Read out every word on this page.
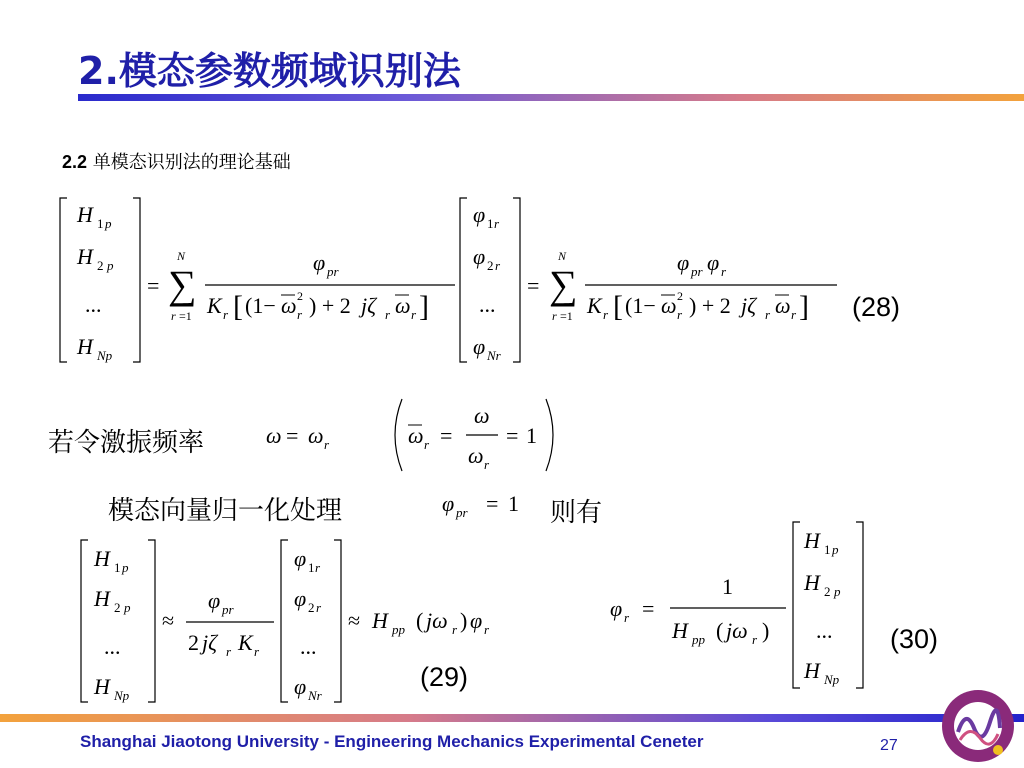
2.模态参数频域识别法
2.2 单模态识别法的理论基础
H 1 p
H 2 p
...
H Np
= ∑
N
r =1
φ pr
K r [ (1− ω 2
r ) + 2 jζ r ω r ]
φ 1 r
φ 2 r
...
φ Nr
= ∑
N
r =1
φ pr φ r
K r [ (1− ω 2
r ) + 2 jζ r ω r ] (28)
若令激振频率	ω = ω r	ω r =
ω
ω r
= 1
模态向量归一化处理	φ pr = 1 则有
H 1 p
H 2 p
...
H Np
≈
φ pr
2 jζ r K r
φ 1 r
φ 2 r
...
φ Nr
≈ H pp ( jω r ) φ r
(29)
φ r =
1
H pp ( jω r )
H 1 p
H 2 p
...
H Np
(30)
Shanghai Jiaotong University - Engineering Mechanics Experimental Ceneter	27
